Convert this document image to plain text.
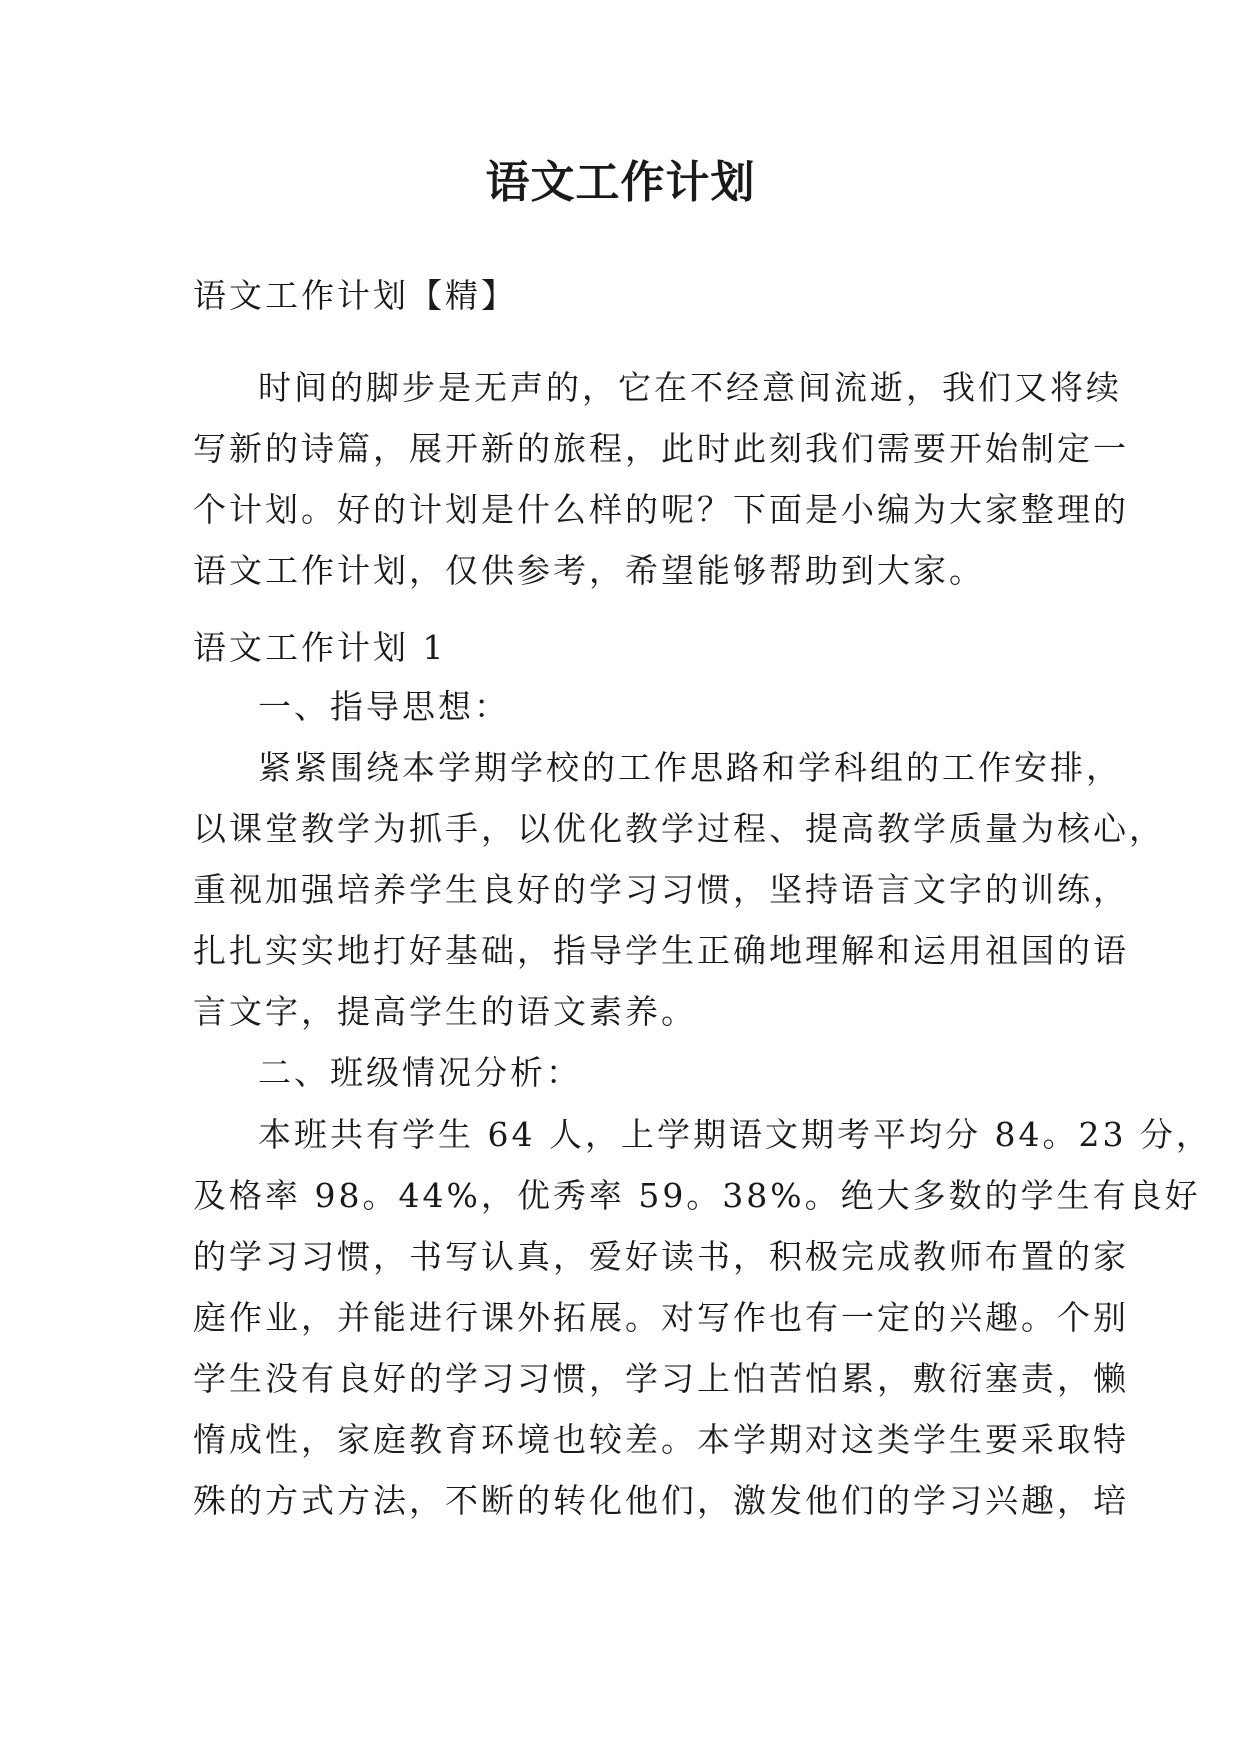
语文工作计划
语文工作计划【精】
时间的脚步是无声的，它在不经意间流逝，我们又将续
写新的诗篇，展开新的旅程，此时此刻我们需要开始制定一
个计划。好的计划是什么样的呢？下面是小编为大家整理的
语文工作计划，仅供参考，希望能够帮助到大家。
语文工作计划 1
一、指导思想：
紧紧围绕本学期学校的工作思路和学科组的工作安排，
以课堂教学为抓手，以优化教学过程、提高教学质量为核心，
重视加强培养学生良好的学习习惯，坚持语言文字的训练，
扎扎实实地打好基础，指导学生正确地理解和运用祖国的语
言文字，提高学生的语文素养。
二、班级情况分析：
本班共有学生 64 人，上学期语文期考平均分 84。23 分，
及格率 98。44%，优秀率 59。38%。绝大多数的学生有良好
的学习习惯，书写认真，爱好读书，积极完成教师布置的家
庭作业，并能进行课外拓展。对写作也有一定的兴趣。个别
学生没有良好的学习习惯，学习上怕苦怕累，敷衍塞责，懒
惰成性，家庭教育环境也较差。本学期对这类学生要采取特
殊的方式方法，不断的转化他们，激发他们的学习兴趣，培
